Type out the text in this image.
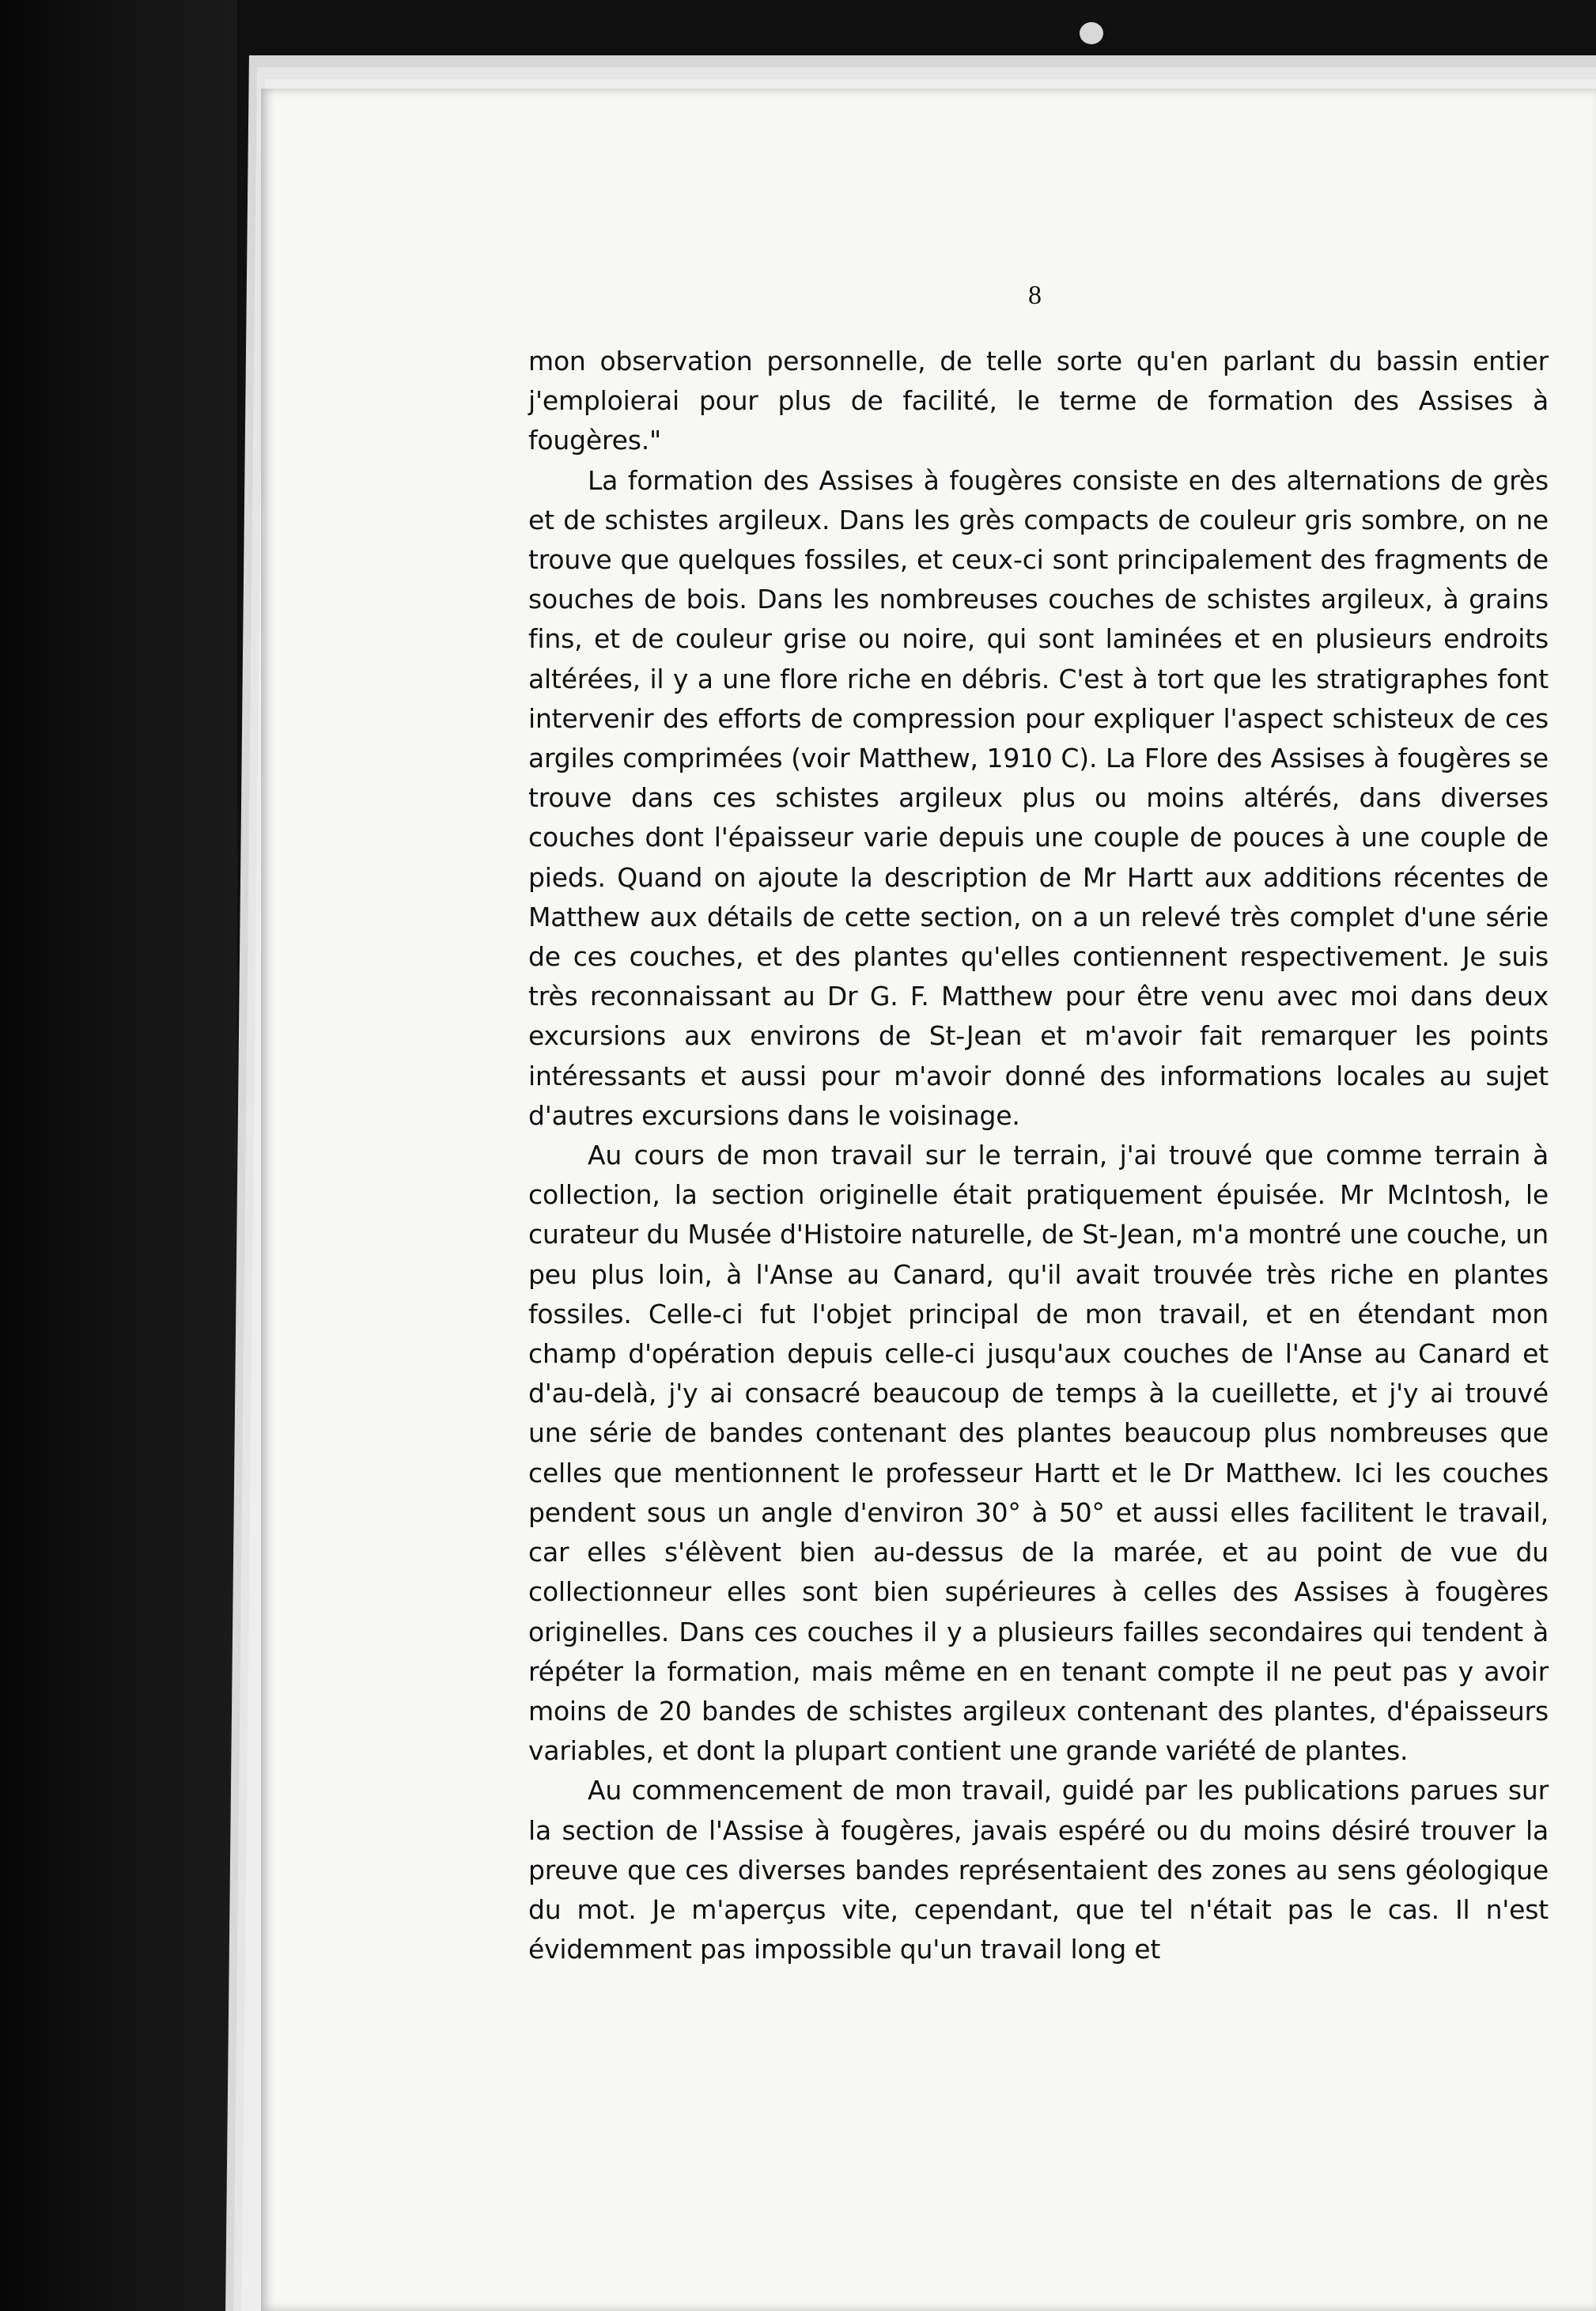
8

mon observation personnelle, de telle sorte qu'en parlant du bassin entier j'emploierai pour plus de facilité, le terme de formation des Assises à fougères."

La formation des Assises à fougères consiste en des alternations de grès et de schistes argileux. Dans les grès compacts de couleur gris sombre, on ne trouve que quelques fossiles, et ceux-ci sont principalement des fragments de souches de bois. Dans les nombreuses couches de schistes argileux, à grains fins, et de couleur grise ou noire, qui sont laminées et en plusieurs endroits altérées, il y a une flore riche en débris. C'est à tort que les stratigraphes font intervenir des efforts de compression pour expliquer l'aspect schisteux de ces argiles comprimées (voir Matthew, 1910 C). La Flore des Assises à fougères se trouve dans ces schistes argileux plus ou moins altérés, dans diverses couches dont l'épaisseur varie depuis une couple de pouces à une couple de pieds. Quand on ajoute la description de Mr Hartt aux additions récentes de Matthew aux détails de cette section, on a un relevé très complet d'une série de ces couches, et des plantes qu'elles contiennent respectivement. Je suis très reconnaissant au Dr G. F. Matthew pour être venu avec moi dans deux excursions aux environs de St-Jean et m'avoir fait remarquer les points intéressants et aussi pour m'avoir donné des informations locales au sujet d'autres excursions dans le voisinage.

Au cours de mon travail sur le terrain, j'ai trouvé que comme terrain à collection, la section originelle était pratiquement épuisée. Mr McIntosh, le curateur du Musée d'Histoire naturelle, de St-Jean, m'a montré une couche, un peu plus loin, à l'Anse au Canard, qu'il avait trouvée très riche en plantes fossiles. Celle-ci fut l'objet principal de mon travail, et en étendant mon champ d'opération depuis celle-ci jusqu'aux couches de l'Anse au Canard et d'au-delà, j'y ai consacré beaucoup de temps à la cueillette, et j'y ai trouvé une série de bandes contenant des plantes beaucoup plus nombreuses que celles que mentionnent le professeur Hartt et le Dr Matthew. Ici les couches pendent sous un angle d'environ 30° à 50° et aussi elles facilitent le travail, car elles s'élèvent bien au-dessus de la marée, et au point de vue du collectionneur elles sont bien supérieures à celles des Assises à fougères originelles. Dans ces couches il y a plusieurs failles secondaires qui tendent à répéter la formation, mais même en en tenant compte il ne peut pas y avoir moins de 20 bandes de schistes argileux contenant des plantes, d'épaisseurs variables, et dont la plupart contient une grande variété de plantes.

Au commencement de mon travail, guidé par les publications parues sur la section de l'Assise à fougères, javais espéré ou du moins désiré trouver la preuve que ces diverses bandes représentaient des zones au sens géologique du mot. Je m'aperçus vite, cependant, que tel n'était pas le cas. Il n'est évidemment pas impossible qu'un travail long et
